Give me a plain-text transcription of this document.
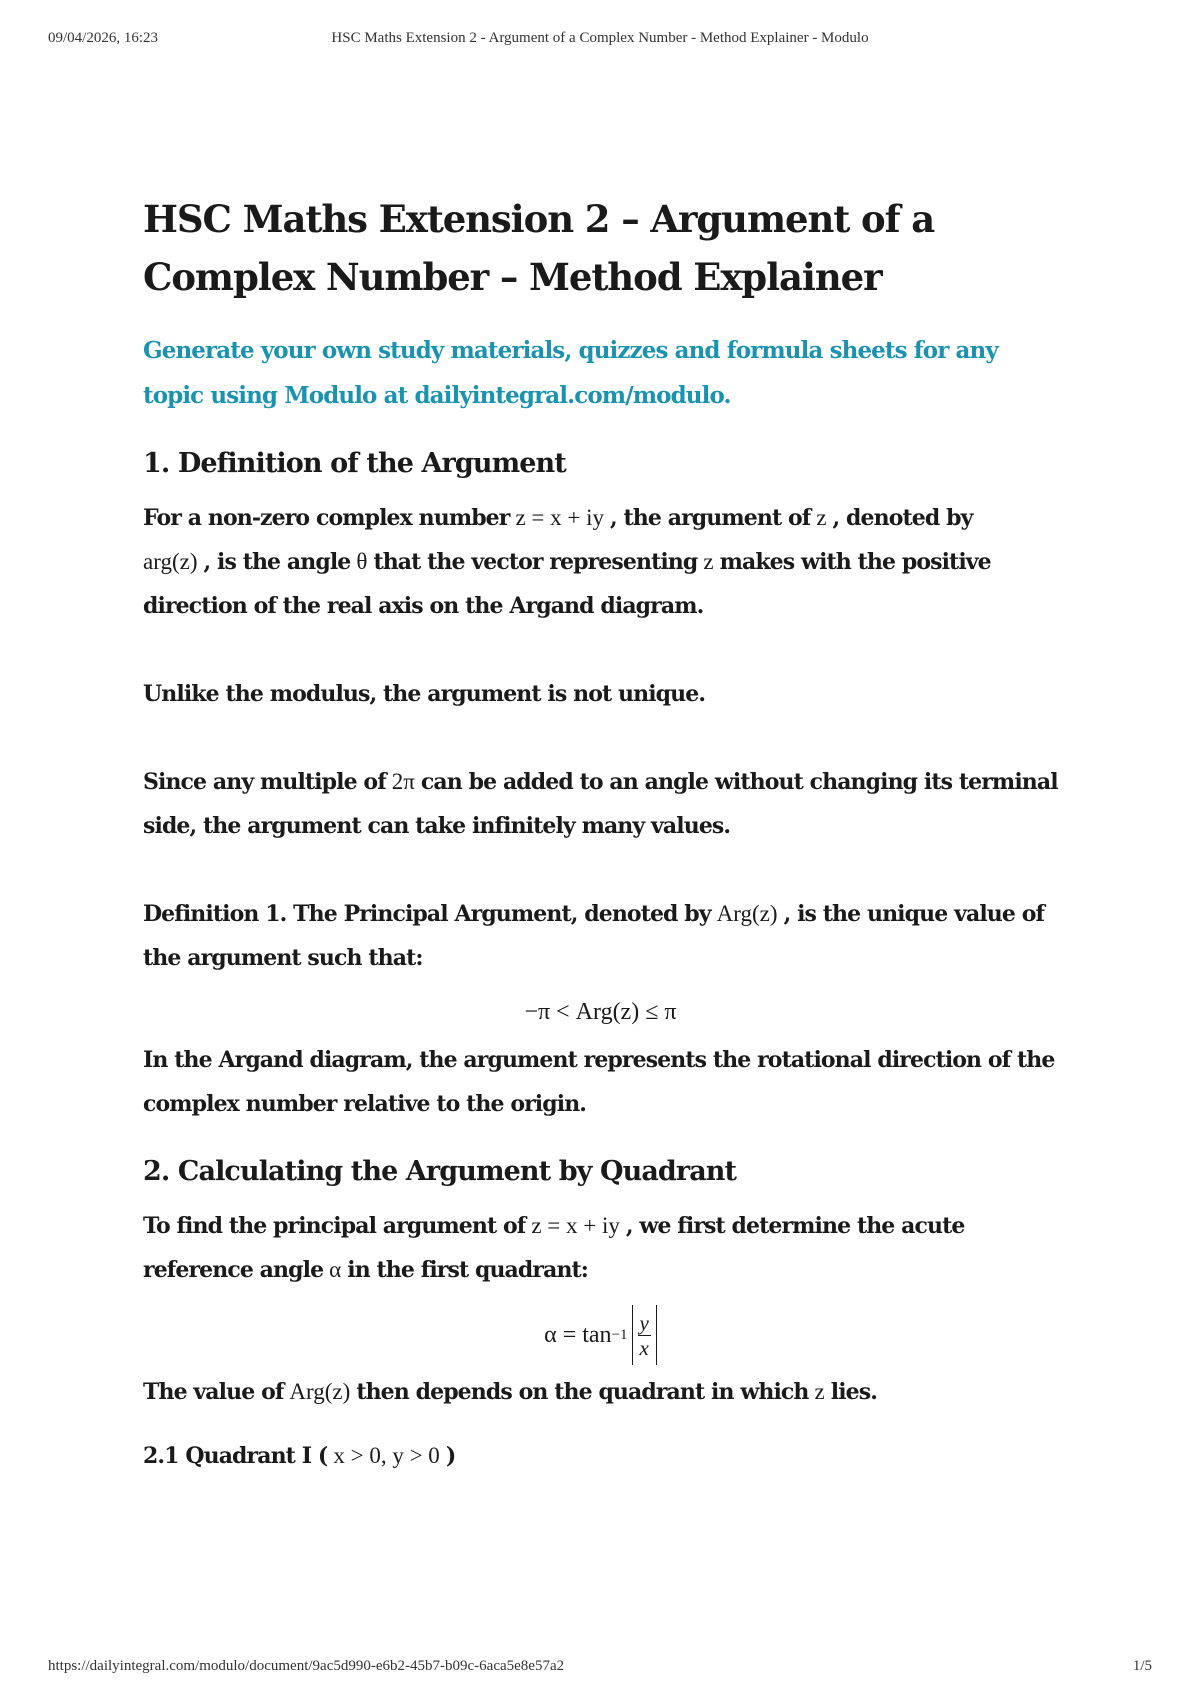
09/04/2026, 16:23	HSC Maths Extension 2 - Argument of a Complex Number - Method Explainer - Modulo
HSC Maths Extension 2 – Argument of a Complex Number – Method Explainer
Generate your own study materials, quizzes and formula sheets for any topic using Modulo at dailyintegral.com/modulo.
1. Definition of the Argument

For a non-zero complex number z = x + iy , the argument of z , denoted by
arg(z) , is the angle θ that the vector representing z makes with the positive direction of the real axis on the Argand diagram.

Unlike the modulus, the argument is not unique.

Since any multiple of 2π can be added to an angle without changing its terminal side, the argument can take infinitely many values.

Definition 1. The Principal Argument, denoted by Arg(z) , is the unique value of the argument such that:

−π < Arg(z) ≤ π

In the Argand diagram, the argument represents the rotational direction of the complex number relative to the origin.

2. Calculating the Argument by Quadrant

To find the principal argument of z = x + iy , we first determine the acute reference angle α in the first quadrant:

$\alpha = \tan -1 \frac{y}{x}$

The value of Arg(z) then depends on the quadrant in which z lies.

2.1 Quadrant I ( x > 0, y > 0 )
https://dailyintegral.com/modulo/document/9ac5d990-e6b2-45b7-b09c-6aca5e8e57a2	1/5
